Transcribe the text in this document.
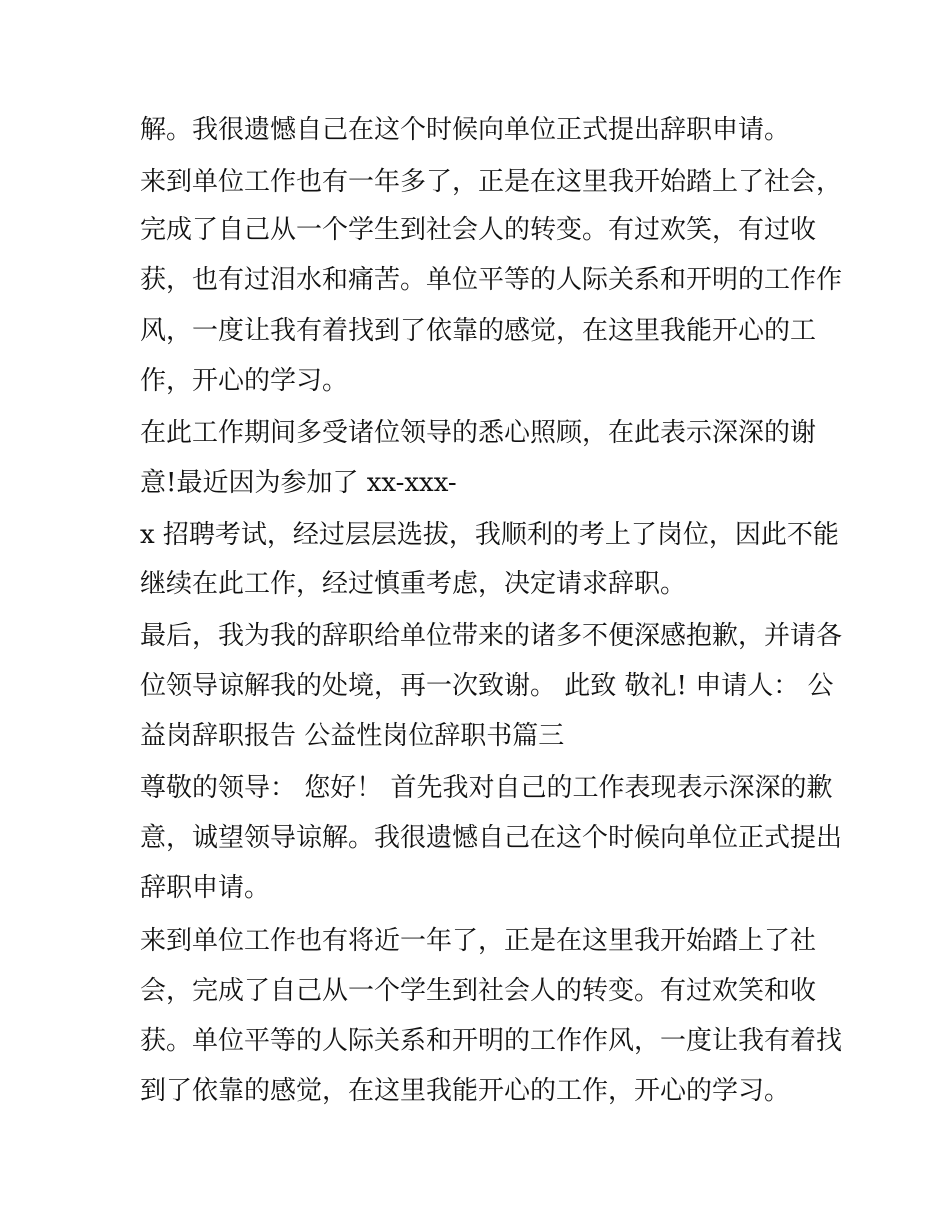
解。我很遗憾自己在这个时候向单位正式提出辞职申请。

来到单位工作也有一年多了，正是在这里我开始踏上了社会，

完成了自己从一个学生到社会人的转变。有过欢笑，有过收

获，也有过泪水和痛苦。单位平等的人际关系和开明的工作作

风，一度让我有着找到了依靠的感觉，在这里我能开心的工

作，开心的学习。

在此工作期间多受诸位领导的悉心照顾，在此表示深深的谢

意!最近因为参加了 xx-xxx-

x 招聘考试，经过层层选拔，我顺利的考上了岗位，因此不能

继续在此工作，经过慎重考虑，决定请求辞职。

最后，我为我的辞职给单位带来的诸多不便深感抱歉，并请各

位领导谅解我的处境，再一次致谢。 此致 敬礼! 申请人： 公

益岗辞职报告 公益性岗位辞职书篇三

尊敬的领导： 您好！ 首先我对自己的工作表现表示深深的歉

意，诚望领导谅解。我很遗憾自己在这个时候向单位正式提出

辞职申请。

来到单位工作也有将近一年了，正是在这里我开始踏上了社

会，完成了自己从一个学生到社会人的转变。有过欢笑和收

获。单位平等的人际关系和开明的工作作风，一度让我有着找

到了依靠的感觉，在这里我能开心的工作，开心的学习。
